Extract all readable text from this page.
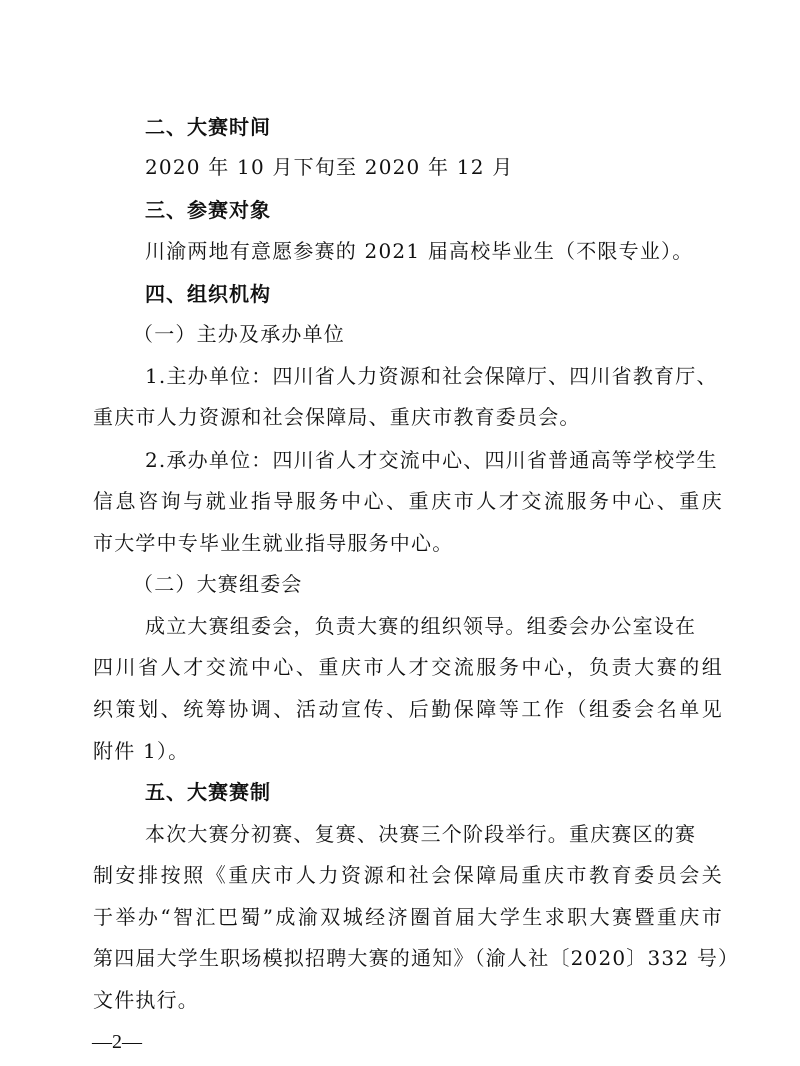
二、大赛时间
2020 年 10 月下旬至 2020 年 12 月
三、参赛对象
川渝两地有意愿参赛的 2021 届高校毕业生（不限专业）。
四、组织机构
（一）主办及承办单位
1.主办单位：四川省人力资源和社会保障厅、四川省教育厅、
重庆市人力资源和社会保障局、重庆市教育委员会。
2.承办单位：四川省人才交流中心、四川省普通高等学校学生
信息咨询与就业指导服务中心、重庆市人才交流服务中心、重庆
市大学中专毕业生就业指导服务中心。
（二）大赛组委会
成立大赛组委会，负责大赛的组织领导。组委会办公室设在
四川省人才交流中心、重庆市人才交流服务中心，负责大赛的组
织策划、统筹协调、活动宣传、后勤保障等工作（组委会名单见
附件 1）。
五、大赛赛制
本次大赛分初赛、复赛、决赛三个阶段举行。重庆赛区的赛
制安排按照《重庆市人力资源和社会保障局重庆市教育委员会关
于举办“智汇巴蜀”成渝双城经济圈首届大学生求职大赛暨重庆市
第四届大学生职场模拟招聘大赛的通知》（渝人社〔2020〕332 号）
文件执行。
—2—
